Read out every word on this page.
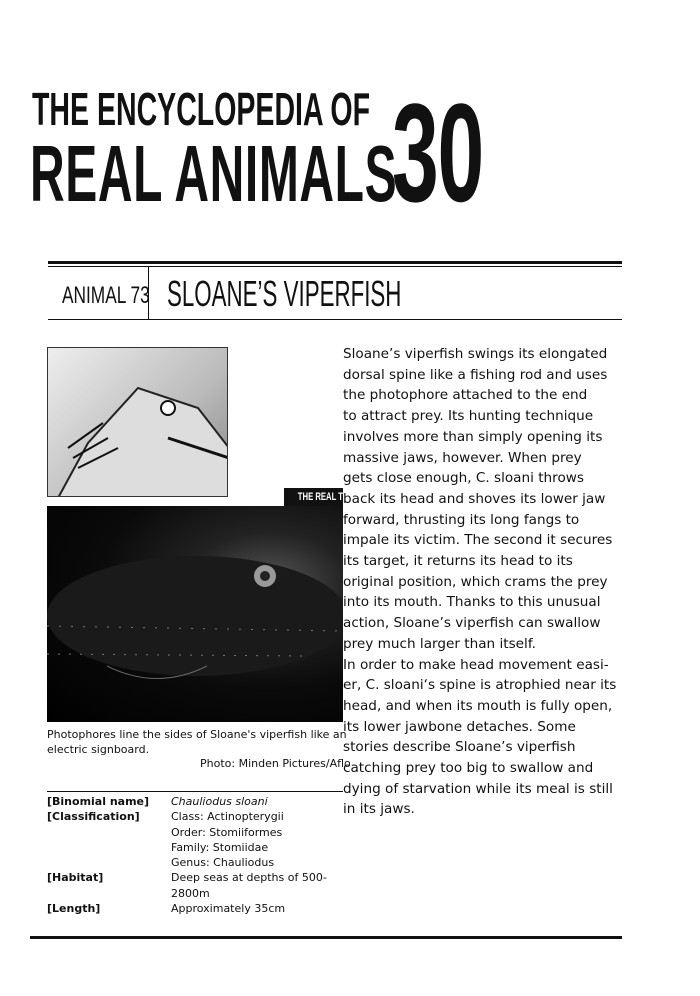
THE ENCYCLOPEDIA OF
REAL ANIMALS
30
ANIMAL 73 SLOANE’S VIPERFISH
THE REAL THING
Photophores line the sides of Sloane's viperfish like an electric signboard.
Photo: Minden Pictures/Aflo
Sloane’s viperfish swings its elongated
dorsal spine like a fishing rod and uses
the photophore attached to the end
to attract prey. Its hunting technique
involves more than simply opening its
massive jaws, however. When prey
gets close enough, C. sloani throws
back its head and shoves its lower jaw
forward, thrusting its long fangs to
impale its victim. The second it secures
its target, it returns its head to its
original position, which crams the prey
into its mouth. Thanks to this unusual
action, Sloane’s viperfish can swallow
prey much larger than itself.
In order to make head movement easi-
er, C. sloani‘s spine is atrophied near its
head, and when its mouth is fully open,
its lower jawbone detaches. Some
stories describe Sloane’s viperfish
catching prey too big to swallow and
dying of starvation while its meal is still
in its jaws.
[Binomial name]	Chauliodus sloani
[Classification]	Class: Actinopterygii
Order: Stomiiformes
Family: Stomiidae
Genus: Chauliodus
[Habitat]	Deep seas at depths of 500-
2800m
[Length]	Approximately 35cm
